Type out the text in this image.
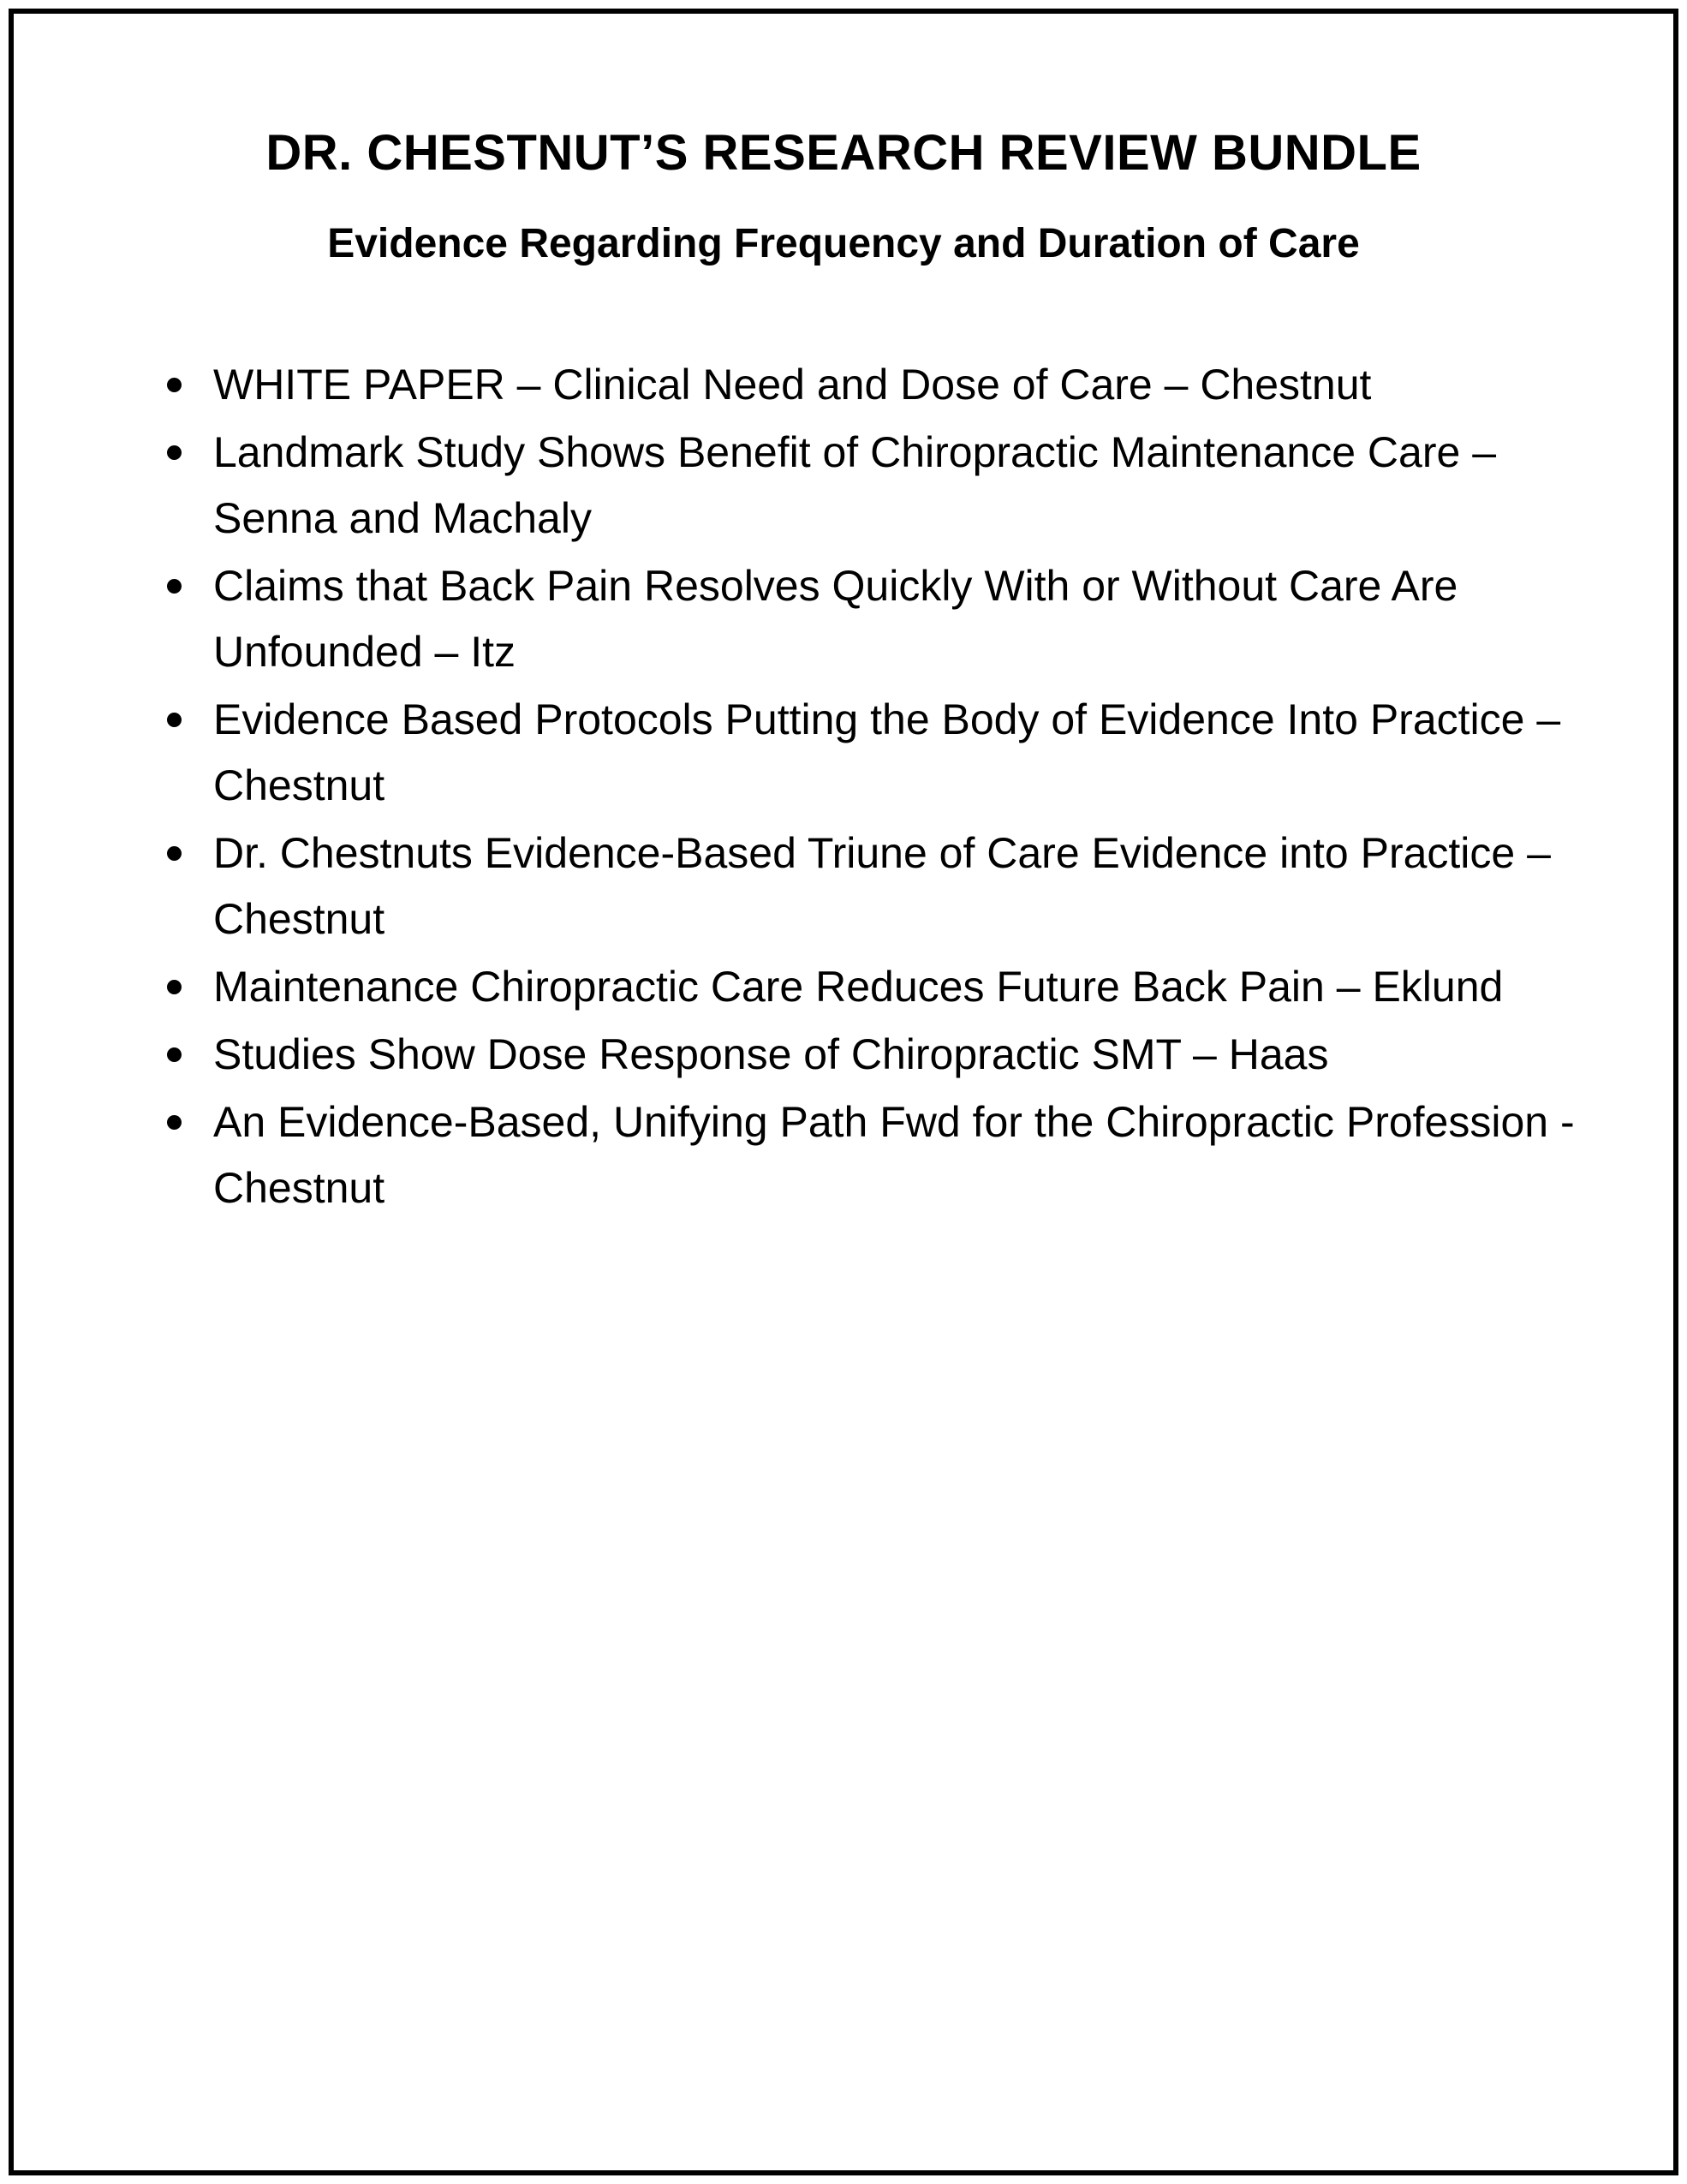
DR. CHESTNUT’S RESEARCH REVIEW BUNDLE
Evidence Regarding Frequency and Duration of Care
WHITE PAPER – Clinical Need and Dose of Care – Chestnut
Landmark Study Shows Benefit of Chiropractic Maintenance Care – Senna and Machaly
Claims that Back Pain Resolves Quickly With or Without Care Are Unfounded – Itz
Evidence Based Protocols Putting the Body of Evidence Into Practice – Chestnut
Dr. Chestnuts Evidence-Based Triune of Care Evidence into Practice – Chestnut
Maintenance Chiropractic Care Reduces Future Back Pain – Eklund
Studies Show Dose Response of Chiropractic SMT – Haas
An Evidence-Based, Unifying Path Fwd for the Chiropractic Profession - Chestnut
